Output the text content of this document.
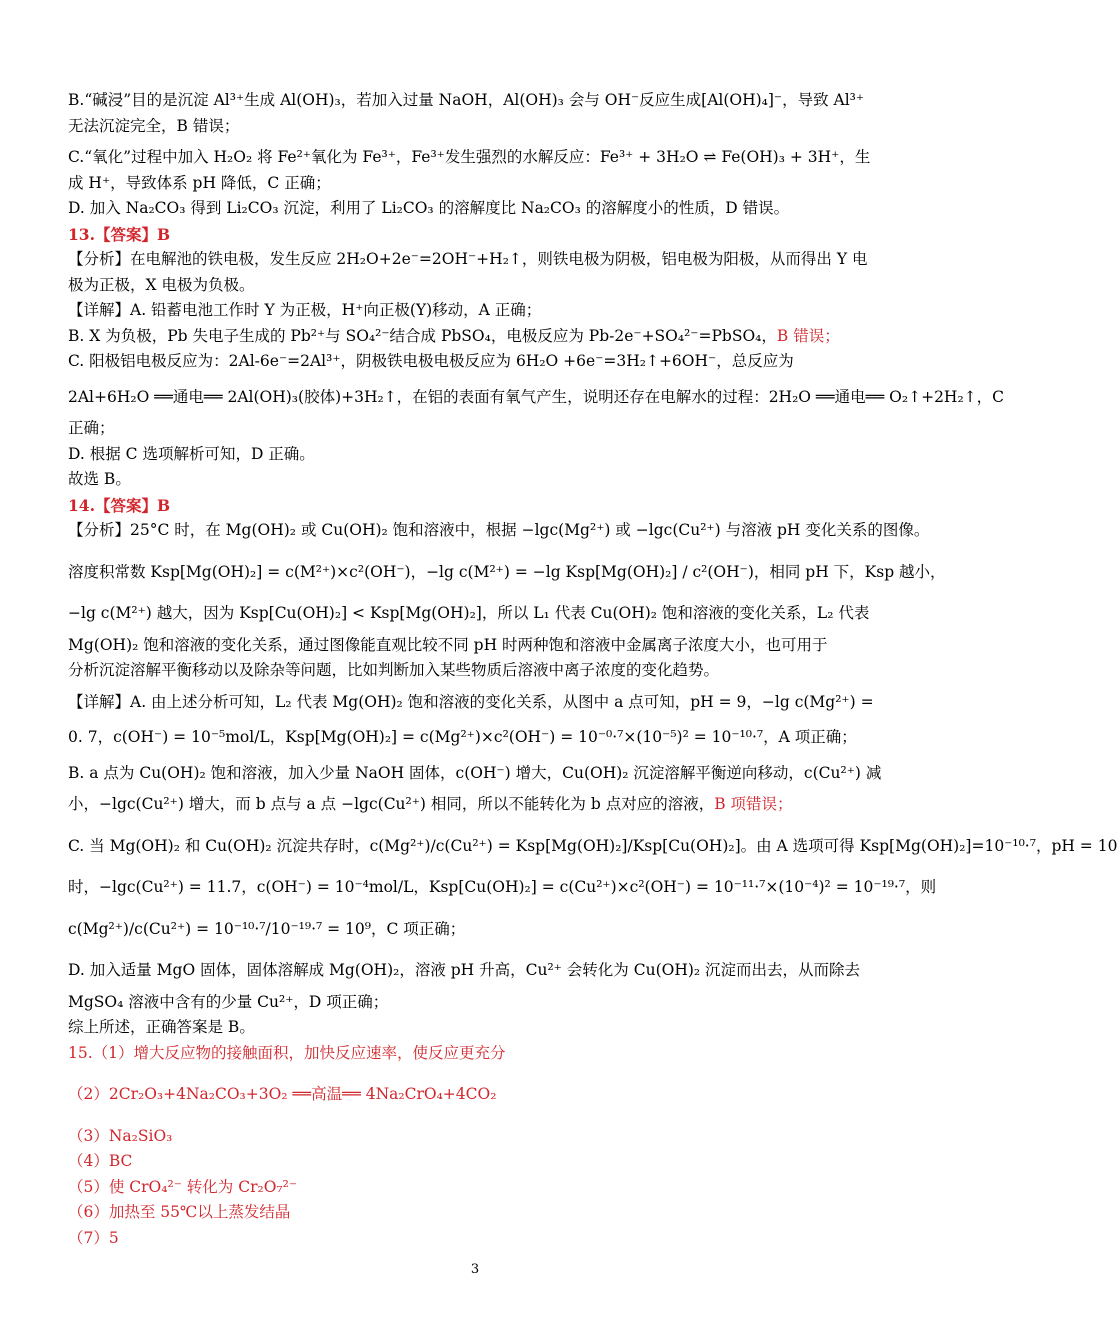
B.“碱浸”目的是沉淀 Al³⁺生成 Al(OH)₃，若加入过量 NaOH，Al(OH)₃ 会与 OH⁻反应生成[Al(OH)₄]⁻，导致 Al³⁺
无法沉淀完全，B 错误；
C.“氧化”过程中加入 H₂O₂ 将 Fe²⁺氧化为 Fe³⁺，Fe³⁺发生强烈的水解反应：Fe³⁺ + 3H₂O ⇌ Fe(OH)₃ + 3H⁺，生
成 H⁺，导致体系 pH 降低，C 正确；
D. 加入 Na₂CO₃ 得到 Li₂CO₃ 沉淀，利用了 Li₂CO₃ 的溶解度比 Na₂CO₃ 的溶解度小的性质，D 错误。
13.【答案】B
【分析】在电解池的铁电极，发生反应 2H₂O+2e⁻=2OH⁻+H₂↑，则铁电极为阴极，铝电极为阳极，从而得出 Y 电
极为正极，X 电极为负极。
【详解】A. 铅蓄电池工作时 Y 为正极，H⁺向正极(Y)移动，A 正确；
B. X 为负极，Pb 失电子生成的 Pb²⁺与 SO₄²⁻结合成 PbSO₄，电极反应为 Pb-2e⁻+SO₄²⁻=PbSO₄，B 错误；
C. 阳极铝电极反应为：2Al-6e⁻=2Al³⁺，阴极铁电极电极反应为 6H₂O +6e⁻=3H₂↑+6OH⁻，总反应为
2Al+6H₂O ══通电══ 2Al(OH)₃(胶体)+3H₂↑，在铝的表面有氧气产生，说明还存在电解水的过程：2H₂O ══通电══ O₂↑+2H₂↑，C
正确；
D. 根据 C 选项解析可知，D 正确。
故选 B。
14.【答案】B
【分析】25°C 时，在 Mg(OH)₂ 或 Cu(OH)₂ 饱和溶液中，根据 −lgc(Mg²⁺) 或 −lgc(Cu²⁺) 与溶液 pH 变化关系的图像。
溶度积常数 Ksp[Mg(OH)₂] = c(M²⁺)×c²(OH⁻)，−lg c(M²⁺) = −lg Ksp[Mg(OH)₂] / c²(OH⁻)，相同 pH 下，Ksp 越小，
−lg c(M²⁺) 越大，因为 Ksp[Cu(OH)₂] < Ksp[Mg(OH)₂]，所以 L₁ 代表 Cu(OH)₂ 饱和溶液的变化关系，L₂ 代表
Mg(OH)₂ 饱和溶液的变化关系，通过图像能直观比较不同 pH 时两种饱和溶液中金属离子浓度大小，也可用于
分析沉淀溶解平衡移动以及除杂等问题，比如判断加入某些物质后溶液中离子浓度的变化趋势。
【详解】A. 由上述分析可知，L₂ 代表 Mg(OH)₂ 饱和溶液的变化关系，从图中 a 点可知，pH = 9，−lg c(Mg²⁺) =
0. 7，c(OH⁻) = 10⁻⁵mol/L，Ksp[Mg(OH)₂] = c(Mg²⁺)×c²(OH⁻) = 10⁻⁰·⁷×(10⁻⁵)² = 10⁻¹⁰·⁷，A 项正确；
B. a 点为 Cu(OH)₂ 饱和溶液，加入少量 NaOH 固体，c(OH⁻) 增大，Cu(OH)₂ 沉淀溶解平衡逆向移动，c(Cu²⁺) 减
小，−lgc(Cu²⁺) 增大，而 b 点与 a 点 −lgc(Cu²⁺) 相同，所以不能转化为 b 点对应的溶液，B 项错误；
C. 当 Mg(OH)₂ 和 Cu(OH)₂ 沉淀共存时，c(Mg²⁺)/c(Cu²⁺) = Ksp[Mg(OH)₂]/Ksp[Cu(OH)₂]。由 A 选项可得 Ksp[Mg(OH)₂]=10⁻¹⁰·⁷，pH = 10
时，−lgc(Cu²⁺) = 11.7，c(OH⁻) = 10⁻⁴mol/L，Ksp[Cu(OH)₂] = c(Cu²⁺)×c²(OH⁻) = 10⁻¹¹·⁷×(10⁻⁴)² = 10⁻¹⁹·⁷，则
c(Mg²⁺)/c(Cu²⁺) = 10⁻¹⁰·⁷/10⁻¹⁹·⁷ = 10⁹，C 项正确；
D. 加入适量 MgO 固体，固体溶解成 Mg(OH)₂，溶液 pH 升高，Cu²⁺ 会转化为 Cu(OH)₂ 沉淀而出去，从而除去
MgSO₄ 溶液中含有的少量 Cu²⁺，D 项正确；
综上所述，正确答案是 B。
15.（1）增大反应物的接触面积，加快反应速率，使反应更充分
（2）2Cr₂O₃+4Na₂CO₃+3O₂ ══高温══ 4Na₂CrO₄+4CO₂
（3）Na₂SiO₃
（4）BC
（5）使 CrO₄²⁻ 转化为 Cr₂O₇²⁻
（6）加热至 55℃以上蒸发结晶
（7）5
3
